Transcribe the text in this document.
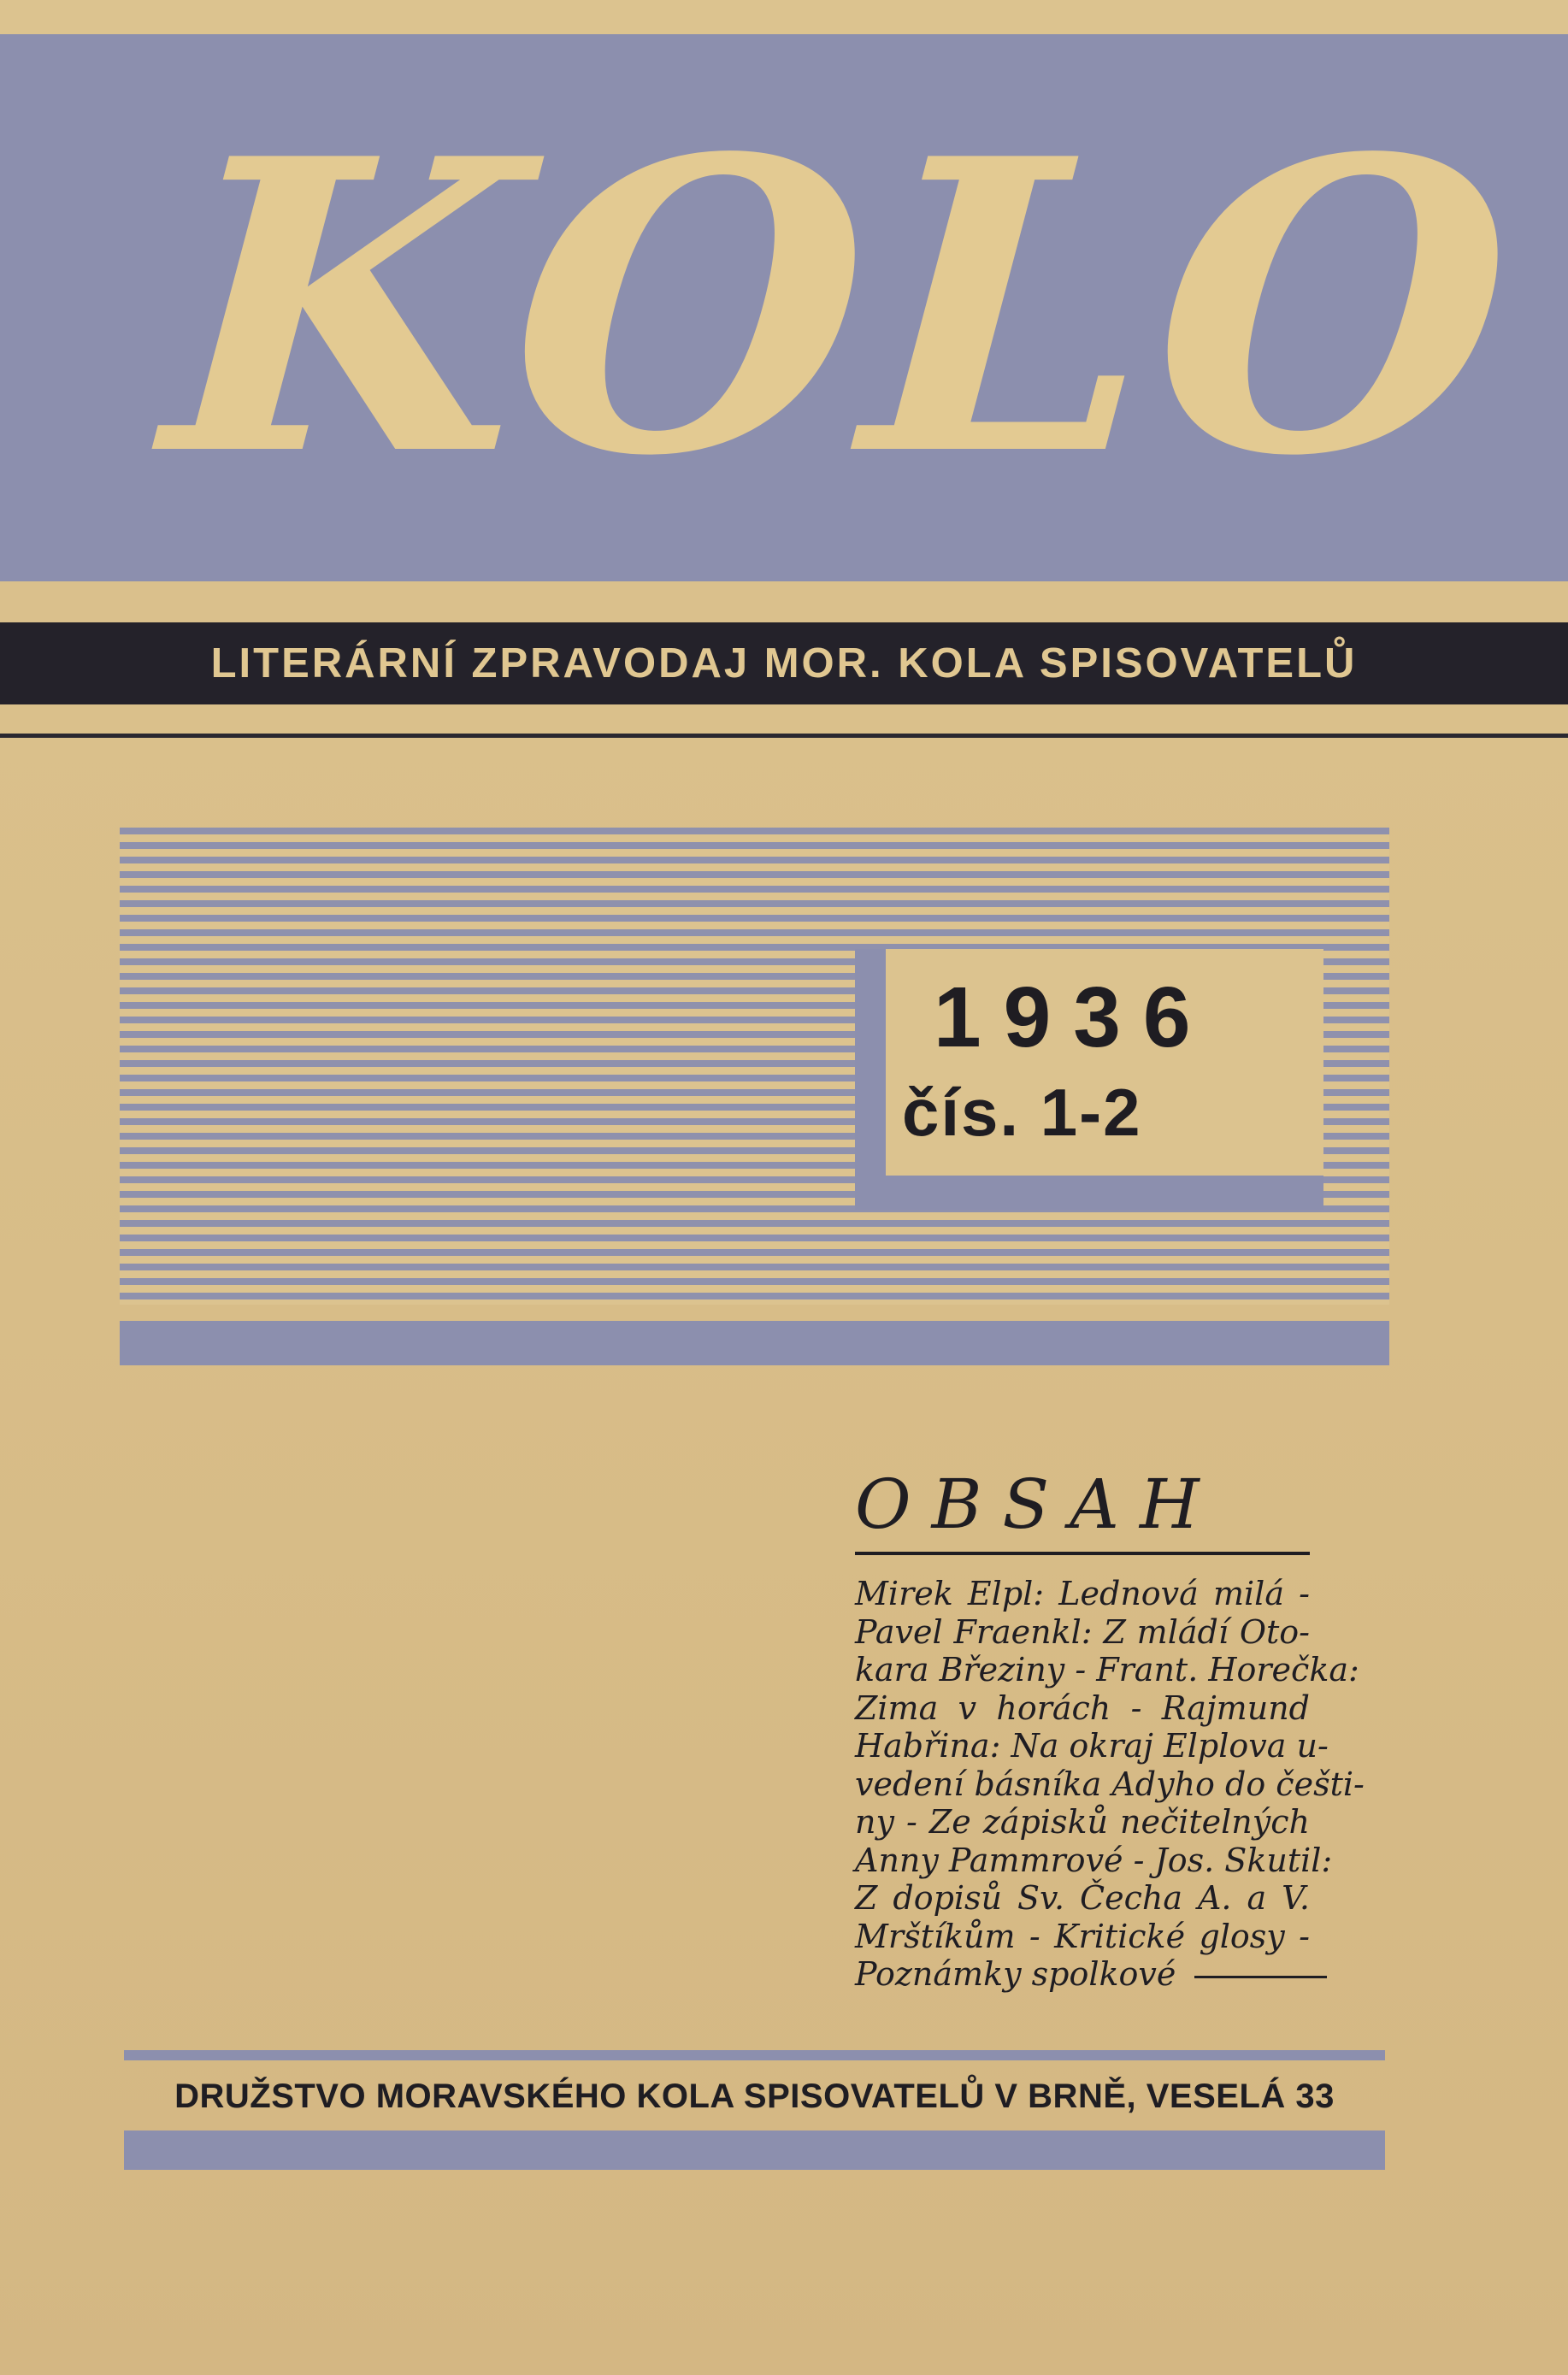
KOLO
LITERÁRNÍ ZPRAVODAJ MOR. KOLA SPISOVATELŮ
1936
čís. 1-2
OBSAH
Mirek Elpl: Lednová milá -
Pavel Fraenkl: Z mládí Oto-
kara Březiny - Frant. Horečka:
Zima v horách - Rajmund
Habřina: Na okraj Elplova u-
vedení básníka Adyho do češti-
ny - Ze zápisků nečitelných
Anny Pammrové - Jos. Skutil:
Z dopisů Sv. Čecha A. a V.
Mrštíkům - Kritické glosy -
Poznámky spolkové
DRUŽSTVO MORAVSKÉHO KOLA SPISOVATELŮ V BRNĚ, VESELÁ 33
